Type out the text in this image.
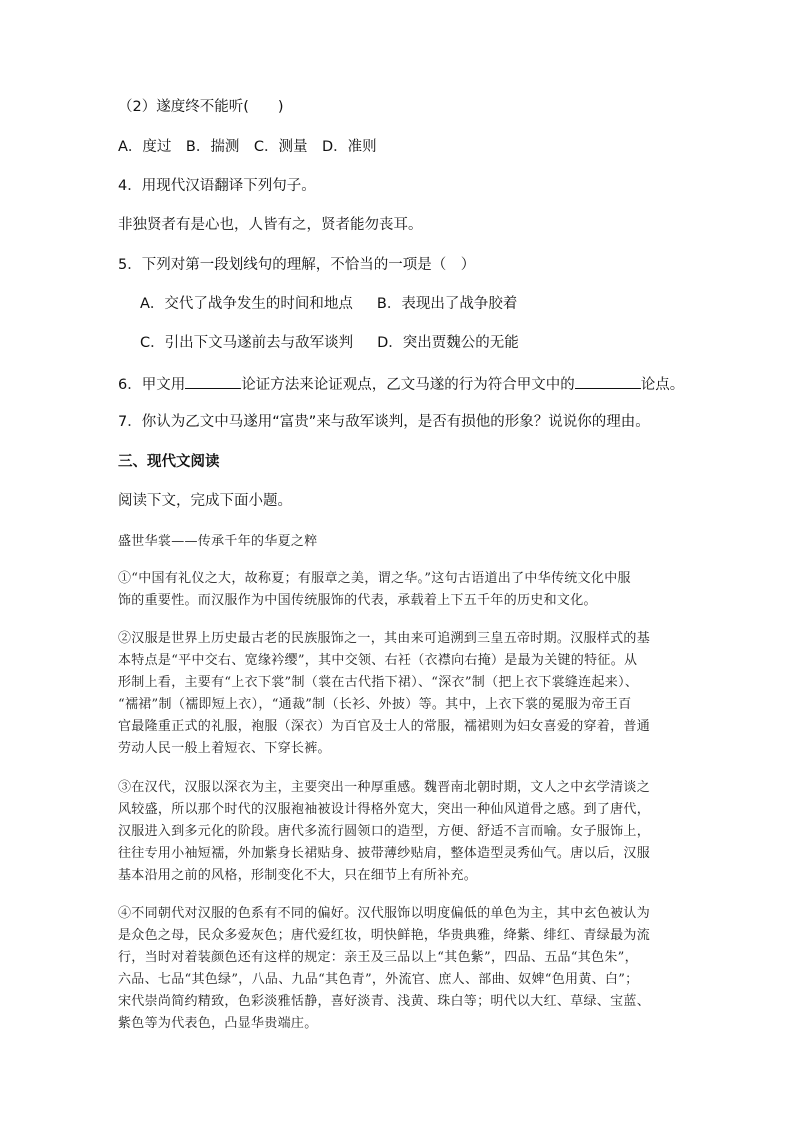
（2）遂度终不能听(　　)
A．度过　B．揣测　C．测量　D．准则
4．用现代汉语翻译下列句子。
非独贤者有是心也，人皆有之，贤者能勿丧耳。
5．下列对第一段划线句的理解，不恰当的一项是（　）
A．交代了战争发生的时间和地点 B．表现出了战争胶着
C．引出下文马遂前去与敌军谈判 D．突出贾魏公的无能
6．甲文用	论证方法来论证观点，乙文马遂的行为符合甲文中的	论点。
7．你认为乙文中马遂用“富贵”来与敌军谈判，是否有损他的形象？说说你的理由。
三、现代文阅读
阅读下文，完成下面小题。
盛世华裳——传承千年的华夏之粹
①“中国有礼仪之大，故称夏；有服章之美，谓之华。”这句古语道出了中华传统文化中服
饰的重要性。而汉服作为中国传统服饰的代表，承载着上下五千年的历史和文化。
②汉服是世界上历史最古老的民族服饰之一，其由来可追溯到三皇五帝时期。汉服样式的基
本特点是“平中交右、宽缘衿缨”，其中交领、右衽（衣襟向右掩）是最为关键的特征。从
形制上看，主要有“上衣下裳”制（裳在古代指下裙）、“深衣”制（把上衣下裳缝连起来）、
“襦裙”制（襦即短上衣），“通裁”制（长衫、外披）等。其中，上衣下裳的冕服为帝王百
官最隆重正式的礼服，袍服（深衣）为百官及士人的常服，襦裙则为妇女喜爱的穿着，普通
劳动人民一般上着短衣、下穿长裤。
③在汉代，汉服以深衣为主，主要突出一种厚重感。魏晋南北朝时期，文人之中玄学清谈之
风较盛，所以那个时代的汉服袍袖被设计得格外宽大，突出一种仙风道骨之感。到了唐代，
汉服进入到多元化的阶段。唐代多流行圆领口的造型，方便、舒适不言而喻。女子服饰上，
往往专用小袖短襦，外加紫身长裙贴身、披带薄纱贴肩，整体造型灵秀仙气。唐以后，汉服
基本沿用之前的风格，形制变化不大，只在细节上有所补充。
④不同朝代对汉服的色系有不同的偏好。汉代服饰以明度偏低的单色为主，其中玄色被认为
是众色之母，民众多爱灰色；唐代爱红妆，明快鲜艳，华贵典雅，绛紫、绯红、青绿最为流
行，当时对着装颜色还有这样的规定：亲王及三品以上“其色紫”，四品、五品“其色朱”，
六品、七品“其色绿”，八品、九品“其色青”，外流官、庶人、部曲、奴婢“色用黄、白”；
宋代崇尚简约精致，色彩淡雅恬静，喜好淡青、浅黄、珠白等；明代以大红、草绿、宝蓝、
紫色等为代表色，凸显华贵端庄。
